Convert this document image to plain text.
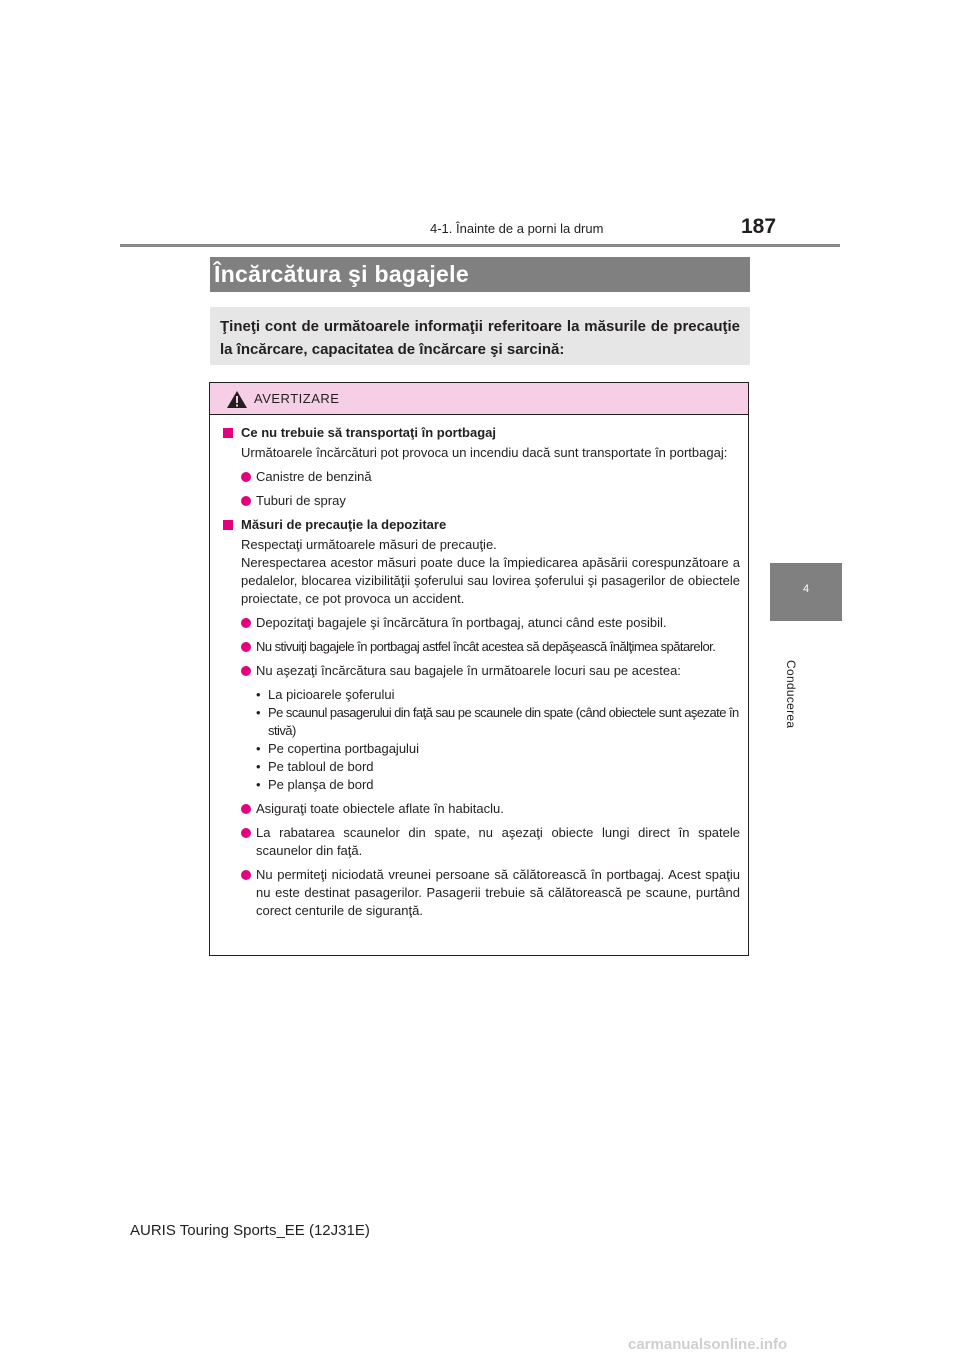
4-1. Înainte de a porni la drum	187
4
Conducerea
Încărcătura şi bagajele
Ţineţi cont de următoarele informaţii referitoare la măsurile de precauţie la încărcare, capacitatea de încărcare şi sarcină:
AVERTIZARE
Ce nu trebuie să transportaţi în portbagaj
Următoarele încărcături pot provoca un incendiu dacă sunt transportate în portbagaj:
Canistre de benzină
Tuburi de spray
Măsuri de precauţie la depozitare
Respectaţi următoarele măsuri de precauţie.
Nerespectarea acestor măsuri poate duce la împiedicarea apăsării corespunzătoare a pedalelor, blocarea vizibilităţii şoferului sau lovirea şoferului şi pasagerilor de obiectele proiectate, ce pot provoca un accident.
Depozitaţi bagajele şi încărcătura în portbagaj, atunci când este posibil.
Nu stivuiţi bagajele în portbagaj astfel încât acestea să depăşească înălţimea spătarelor.
Nu aşezaţi încărcătura sau bagajele în următoarele locuri sau pe acestea:
• La picioarele şoferului
• Pe scaunul pasagerului din faţă sau pe scaunele din spate (când obiectele sunt aşezate în stivă)
• Pe copertina portbagajului
• Pe tabloul de bord
• Pe planşa de bord
Asiguraţi toate obiectele aflate în habitaclu.
La rabatarea scaunelor din spate, nu aşezaţi obiecte lungi direct în spatele scaunelor din faţă.
Nu permiteţi niciodată vreunei persoane să călătorească în portbagaj. Acest spaţiu nu este destinat pasagerilor. Pasagerii trebuie să călătorească pe scaune, purtând corect centurile de siguranţă.
AURIS Touring Sports_EE (12J31E)
carmanualsonline.info
